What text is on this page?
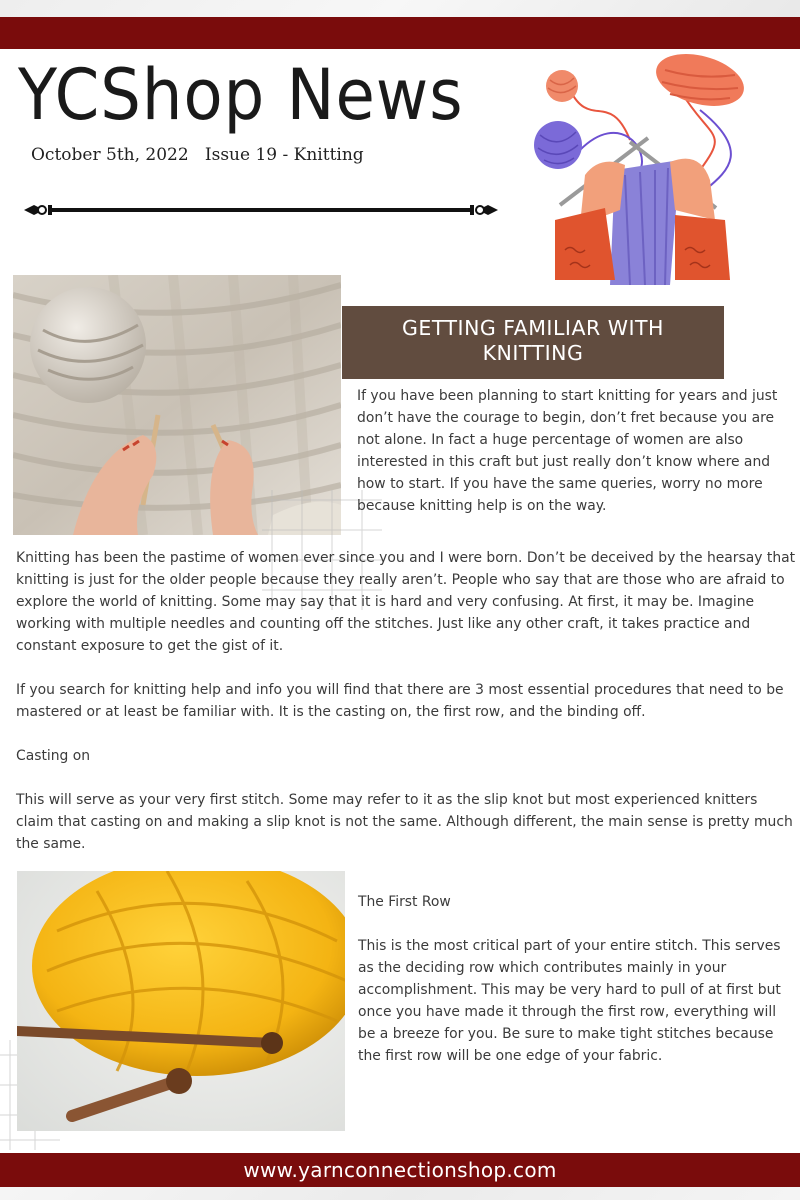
YCShop News
October 5th, 2022 Issue 19 - Knitting
GETTING FAMILIAR WITH
KNITTING
If you have been planning to start knitting for years and just don’t have the courage to begin, don’t fret because you are not alone. In fact a huge percentage of women are also interested in this craft but just really don’t know where and how to start. If you have the same queries, worry no more because knitting help is on the way.
Knitting has been the pastime of women ever since you and I were born. Don’t be deceived by the hearsay that knitting is just for the older people because they really aren’t. People who say that are those who are afraid to explore the world of knitting. Some may say that it is hard and very confusing. At first, it may be. Imagine working with multiple needles and counting off the stitches. Just like any other craft, it takes practice and constant exposure to get the gist of it.
If you search for knitting help and info you will find that there are 3 most essential procedures that need to be mastered or at least be familiar with. It is the casting on, the first row, and the binding off.
Casting on
This will serve as your very first stitch. Some may refer to it as the slip knot but most experienced knitters claim that casting on and making a slip knot is not the same. Although different, the main sense is pretty much the same.
The First Row
This is the most critical part of your entire stitch. This serves as the deciding row which contributes mainly in your accomplishment. This may be very hard to pull of at first but once you have made it through the first row, everything will be a breeze for you. Be sure to make tight stitches because the first row will be one edge of your fabric.
www.yarnconnectionshop.com
